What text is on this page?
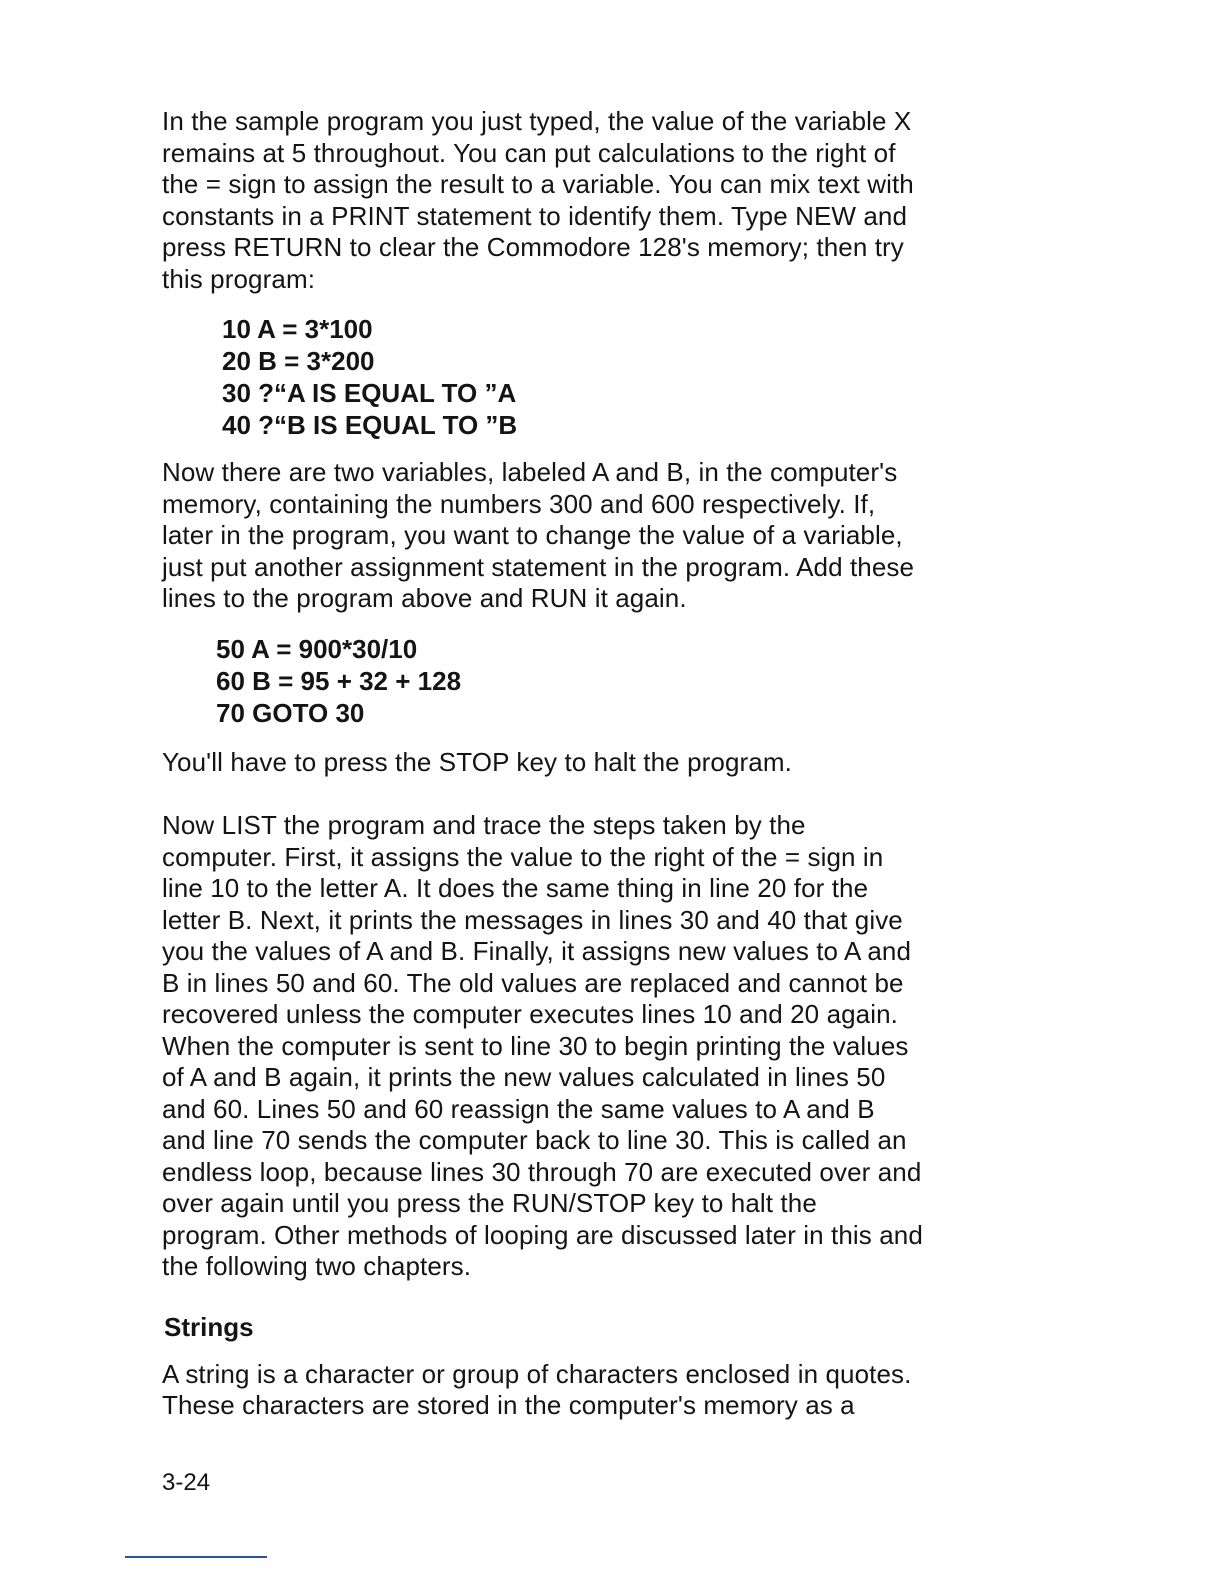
In the sample program you just typed, the value of the variable X
remains at 5 throughout. You can put calculations to the right of
the = sign to assign the result to a variable. You can mix text with
constants in a PRINT statement to identify them. Type NEW and
press RETURN to clear the Commodore 128's memory; then try
this program:

10 A = 3*100
20 B = 3*200
30 ?“A IS EQUAL TO ”A
40 ?“B IS EQUAL TO ”B

Now there are two variables, labeled A and B, in the computer's
memory, containing the numbers 300 and 600 respectively. If,
later in the program, you want to change the value of a variable,
just put another assignment statement in the program. Add these
lines to the program above and RUN it again.

50 A = 900*30/10
60 B = 95 + 32 + 128
70 GOTO 30

You'll have to press the STOP key to halt the program.

Now LIST the program and trace the steps taken by the
computer. First, it assigns the value to the right of the = sign in
line 10 to the letter A. It does the same thing in line 20 for the
letter B. Next, it prints the messages in lines 30 and 40 that give
you the values of A and B. Finally, it assigns new values to A and
B in lines 50 and 60. The old values are replaced and cannot be
recovered unless the computer executes lines 10 and 20 again.
When the computer is sent to line 30 to begin printing the values
of A and B again, it prints the new values calculated in lines 50
and 60. Lines 50 and 60 reassign the same values to A and B
and line 70 sends the computer back to line 30. This is called an
endless loop, because lines 30 through 70 are executed over and
over again until you press the RUN/STOP key to halt the
program. Other methods of looping are discussed later in this and
the following two chapters.

Strings

A string is a character or group of characters enclosed in quotes.
These characters are stored in the computer's memory as a

3-24
